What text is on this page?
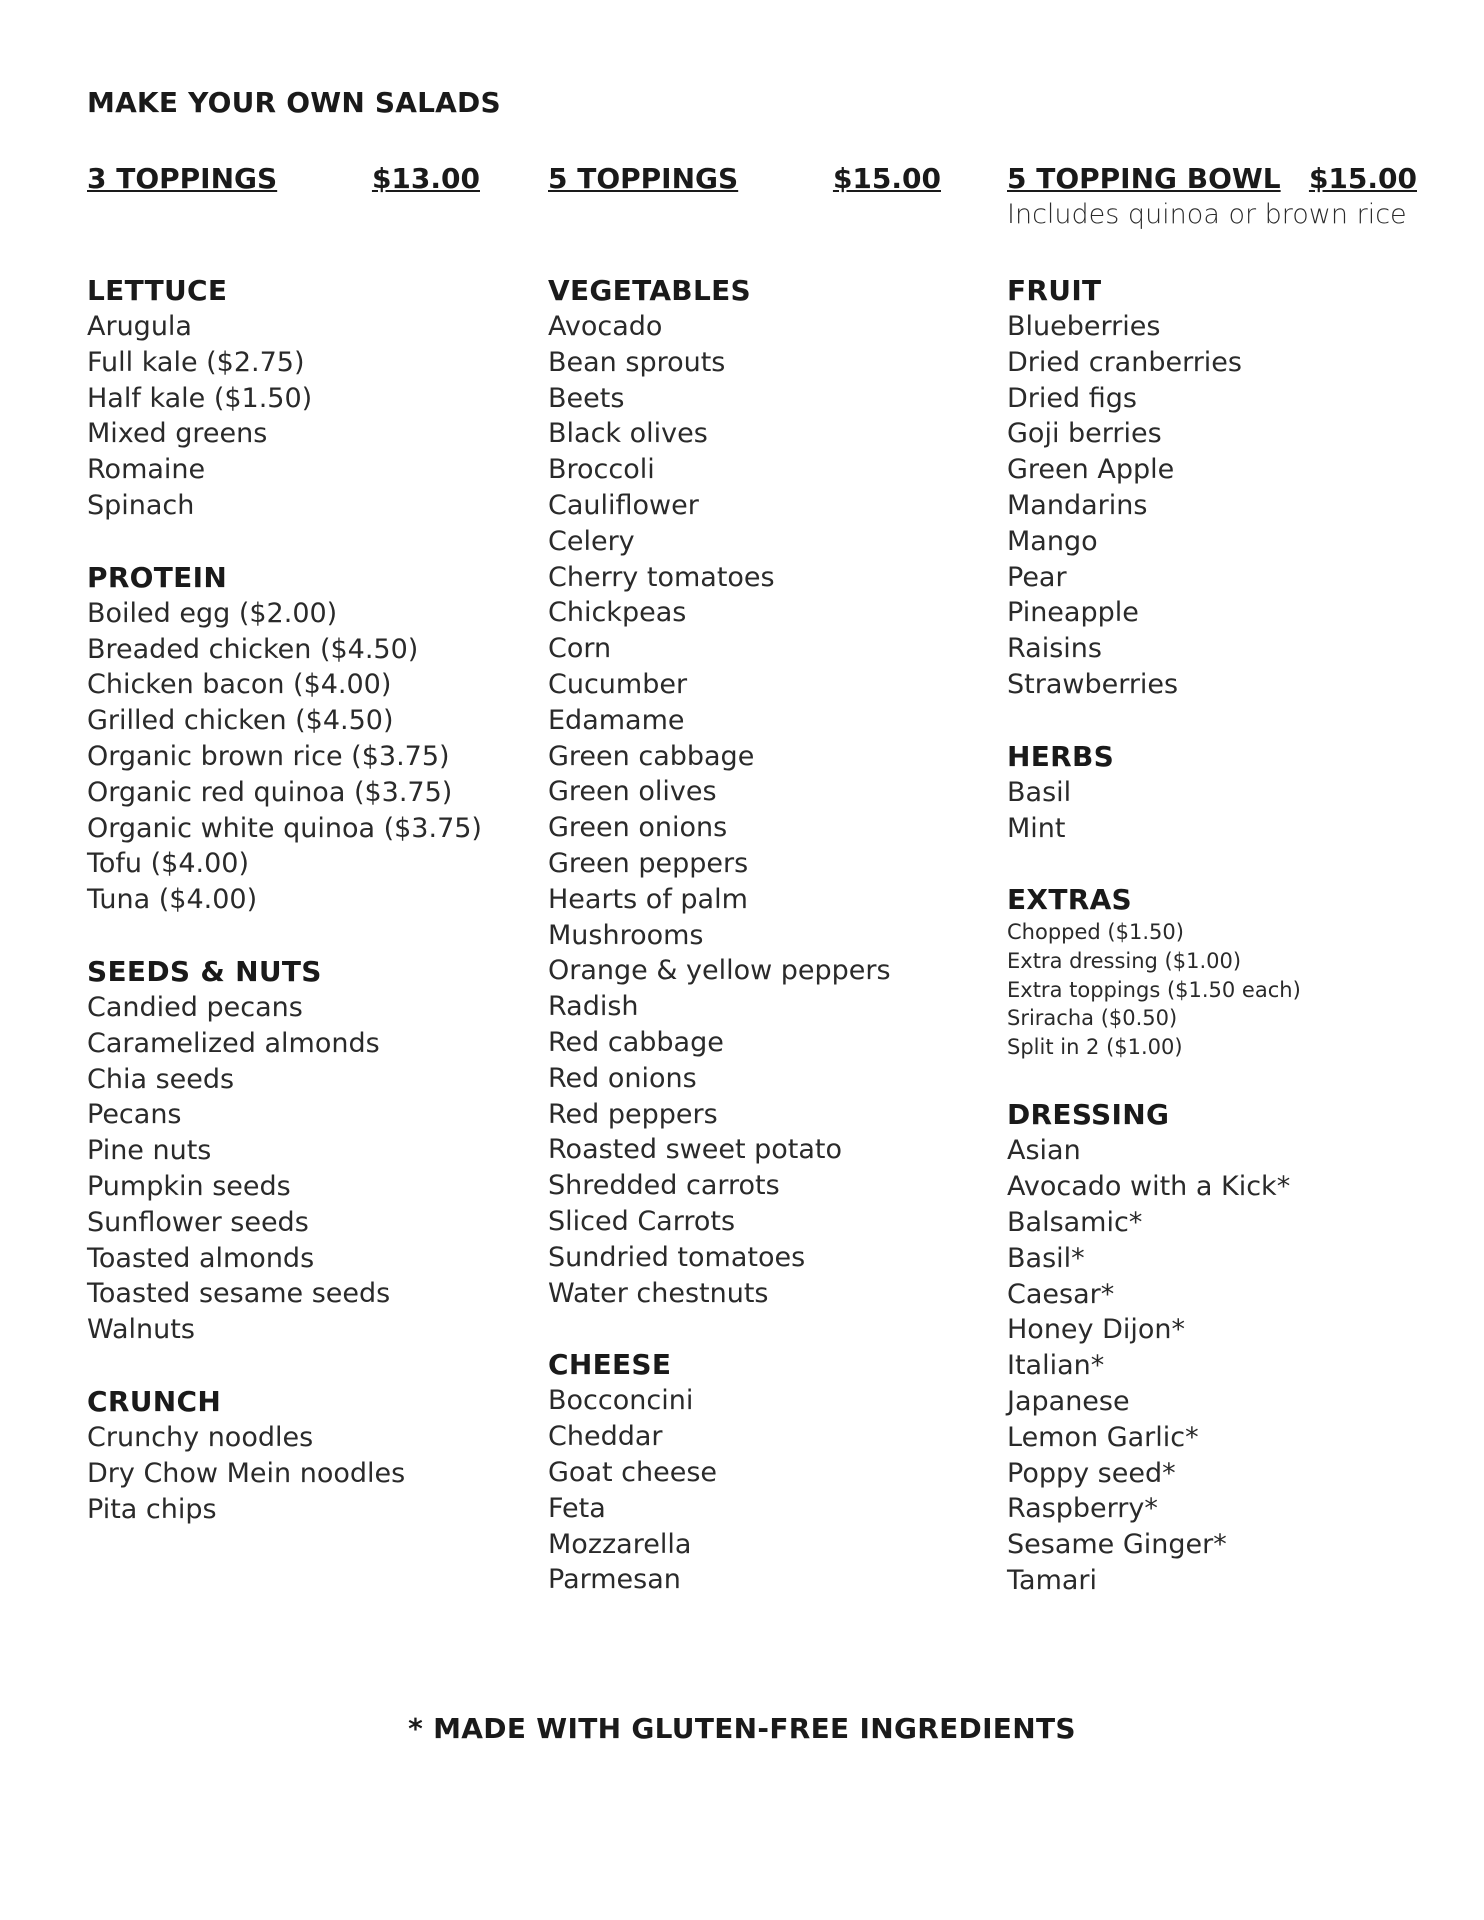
MAKE YOUR OWN SALADS
3 TOPPINGS	$13.00
LETTUCE
Arugula
Full kale ($2.75)
Half kale ($1.50)
Mixed greens
Romaine
Spinach
PROTEIN
Boiled egg ($2.00)
Breaded chicken ($4.50)
Chicken bacon ($4.00)
Grilled chicken ($4.50)
Organic brown rice ($3.75)
Organic red quinoa ($3.75)
Organic white quinoa ($3.75)
Tofu ($4.00)
Tuna ($4.00)
SEEDS & NUTS
Candied pecans
Caramelized almonds
Chia seeds
Pecans
Pine nuts
Pumpkin seeds
Sunflower seeds
Toasted almonds
Toasted sesame seeds
Walnuts
CRUNCH
Crunchy noodles
Dry Chow Mein noodles
Pita chips
5 TOPPINGS	$15.00
VEGETABLES
Avocado
Bean sprouts
Beets
Black olives
Broccoli
Cauliflower
Celery
Cherry tomatoes
Chickpeas
Corn
Cucumber
Edamame
Green cabbage
Green olives
Green onions
Green peppers
Hearts of palm
Mushrooms
Orange & yellow peppers
Radish
Red cabbage
Red onions
Red peppers
Roasted sweet potato
Shredded carrots
Sliced Carrots
Sundried tomatoes
Water chestnuts
CHEESE
Bocconcini
Cheddar
Goat cheese
Feta
Mozzarella
Parmesan
5 TOPPING BOWL $15.00
Includes quinoa or brown rice
FRUIT
Blueberries
Dried cranberries
Dried figs
Goji berries
Green Apple
Mandarins
Mango
Pear
Pineapple
Raisins
Strawberries
HERBS
Basil
Mint
EXTRAS
Chopped ($1.50)
Extra dressing ($1.00)
Extra toppings ($1.50 each)
Sriracha ($0.50)
Split in 2 ($1.00)
DRESSING
Asian
Avocado with a Kick*
Balsamic*
Basil*
Caesar*
Honey Dijon*
Italian*
Japanese
Lemon Garlic*
Poppy seed*
Raspberry*
Sesame Ginger*
Tamari
* MADE WITH GLUTEN-FREE INGREDIENTS
